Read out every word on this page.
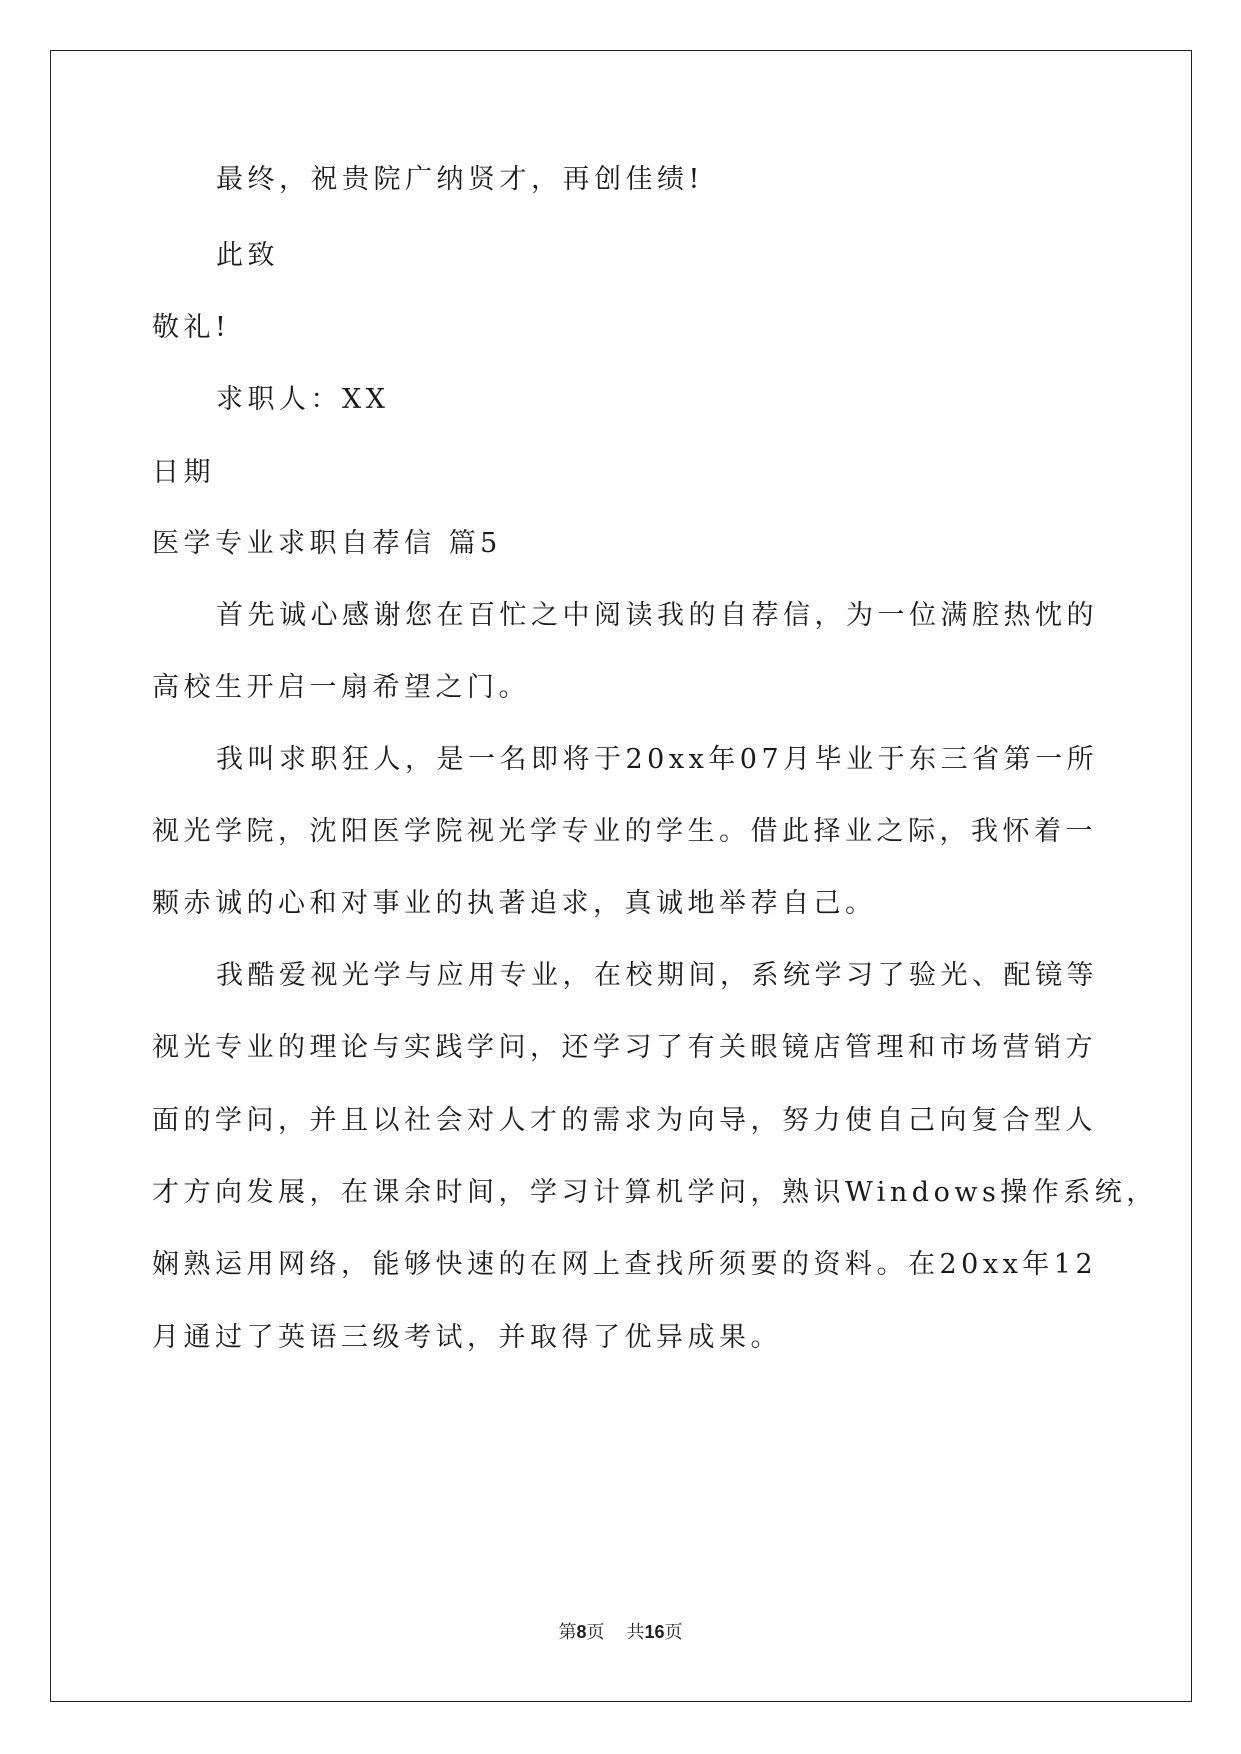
最终，祝贵院广纳贤才，再创佳绩!
此致
敬礼!
求职人：XX
日期
医学专业求职自荐信 篇5
首先诚心感谢您在百忙之中阅读我的自荐信，为一位满腔热忱的
高校生开启一扇希望之门。
我叫求职狂人，是一名即将于20xx年07月毕业于东三省第一所
视光学院，沈阳医学院视光学专业的学生。借此择业之际，我怀着一
颗赤诚的心和对事业的执著追求，真诚地举荐自己。
我酷爱视光学与应用专业，在校期间，系统学习了验光、配镜等
视光专业的理论与实践学问，还学习了有关眼镜店管理和市场营销方
面的学问，并且以社会对人才的需求为向导，努力使自己向复合型人
才方向发展，在课余时间，学习计算机学问，熟识Windows操作系统，
娴熟运用网络，能够快速的在网上查找所须要的资料。在20xx年12
月通过了英语三级考试，并取得了优异成果。
第8页 共16页
